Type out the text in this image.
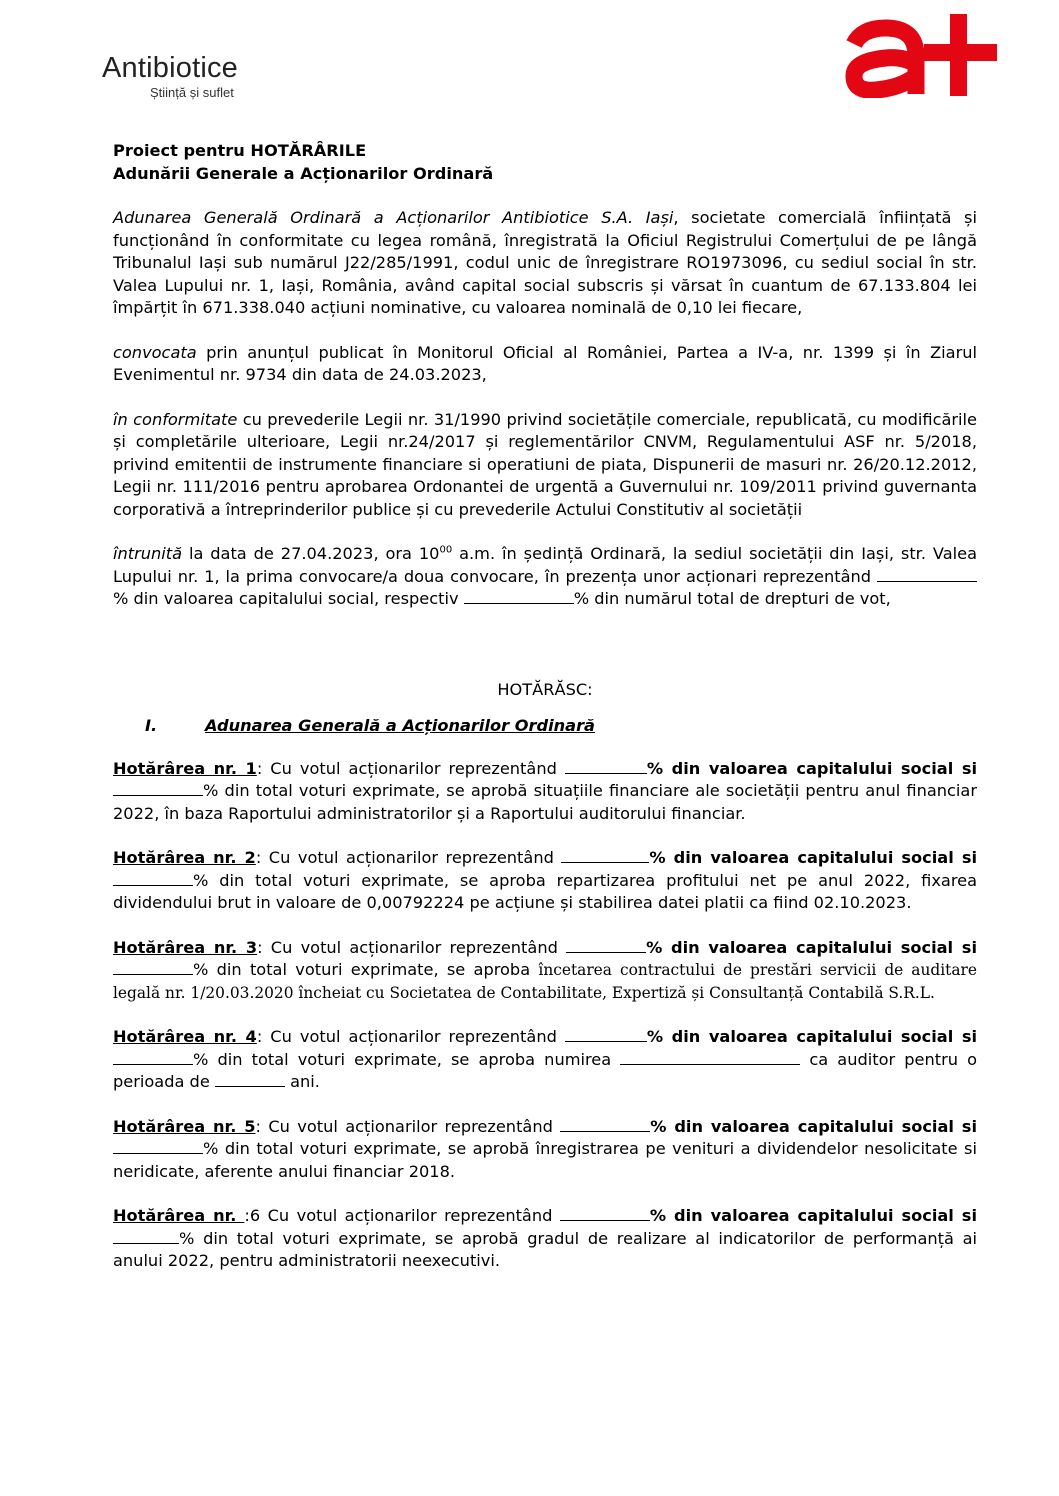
Antibiotice
Știință și suflet

Proiect pentru HOTĂRÂRILE

Adunării Generale a Acționarilor Ordinară

Adunarea Generală Ordinară a Acționarilor Antibiotice S.A. Iași, societate comercială înființată și funcționând în conformitate cu legea română, înregistrată la Oficiul Registrului Comerțului de pe lângă Tribunalul Iași sub numărul J22/285/1991, codul unic de înregistrare RO1973096, cu sediul social în str. Valea Lupului nr. 1, Iași, România, având capital social subscris și vărsat în cuantum de 67.133.804 lei împărțit în 671.338.040 acțiuni nominative, cu valoarea nominală de 0,10 lei fiecare,

convocata prin anunțul publicat în Monitorul Oficial al României, Partea a IV-a, nr. 1399 și în Ziarul Evenimentul nr. 9734 din data de 24.03.2023,

în conformitate cu prevederile Legii nr. 31/1990 privind societățile comerciale, republicată, cu modificările și completările ulterioare, Legii nr.24/2017 și reglementărilor CNVM, Regulamentului ASF nr. 5/2018, privind emitentii de instrumente financiare si operatiuni de piata, Dispunerii de masuri nr. 26/20.12.2012, Legii nr. 111/2016 pentru aprobarea Ordonantei de urgentă a Guvernului nr. 109/2011 privind guvernanta corporativă a întreprinderilor publice și cu prevederile Actului Constitutiv al societății

întrunită la data de 27.04.2023, ora $10^{00}$ a.m. în ședință Ordinară, la sediul societății din Iași, str. Valea Lupului nr. 1, la prima convocare/a doua convocare, în prezența unor acționari reprezentând % din valoarea capitalului social, respectiv	% din numărul total de drepturi de vot,

HOTĂRĂSC:

I.	Adunarea Generală a Acționarilor Ordinară

Hotărârea nr. 1: Cu votul acționarilor reprezentând	% din valoarea capitalului social si % din total voturi exprimate, se aprobă situațiile financiare ale societății pentru anul financiar 2022, în baza Raportului administratorilor și a Raportului auditorului financiar.

Hotărârea nr. 2: Cu votul acționarilor reprezentând	% din valoarea capitalului social si % din total voturi exprimate, se aproba repartizarea profitului net pe anul 2022, fixarea dividendului brut in valoare de 0,00792224 pe acțiune și stabilirea datei platii ca fiind 02.10.2023.

Hotărârea nr. 3: Cu votul acționarilor reprezentând	% din valoarea capitalului social si % din total voturi exprimate, se aproba încetarea contractului de prestări servicii de auditare legală nr. 1/20.03.2020 încheiat cu Societatea de Contabilitate, Expertiză și Consultanță Contabilă S.R.L.

Hotărârea nr. 4: Cu votul acționarilor reprezentând	% din valoarea capitalului social si % din total voturi exprimate, se aproba numirea	ca auditor pentru o perioada de	ani.

Hotărârea nr. 5: Cu votul acționarilor reprezentând	% din valoarea capitalului social si % din total voturi exprimate, se aprobă înregistrarea pe venituri a dividendelor nesolicitate si neridicate, aferente anului financiar 2018.

Hotărârea nr. :6 Cu votul acționarilor reprezentând	% din valoarea capitalului social si % din total voturi exprimate, se aprobă gradul de realizare al indicatorilor de performanță ai anului 2022, pentru administratorii neexecutivi.
